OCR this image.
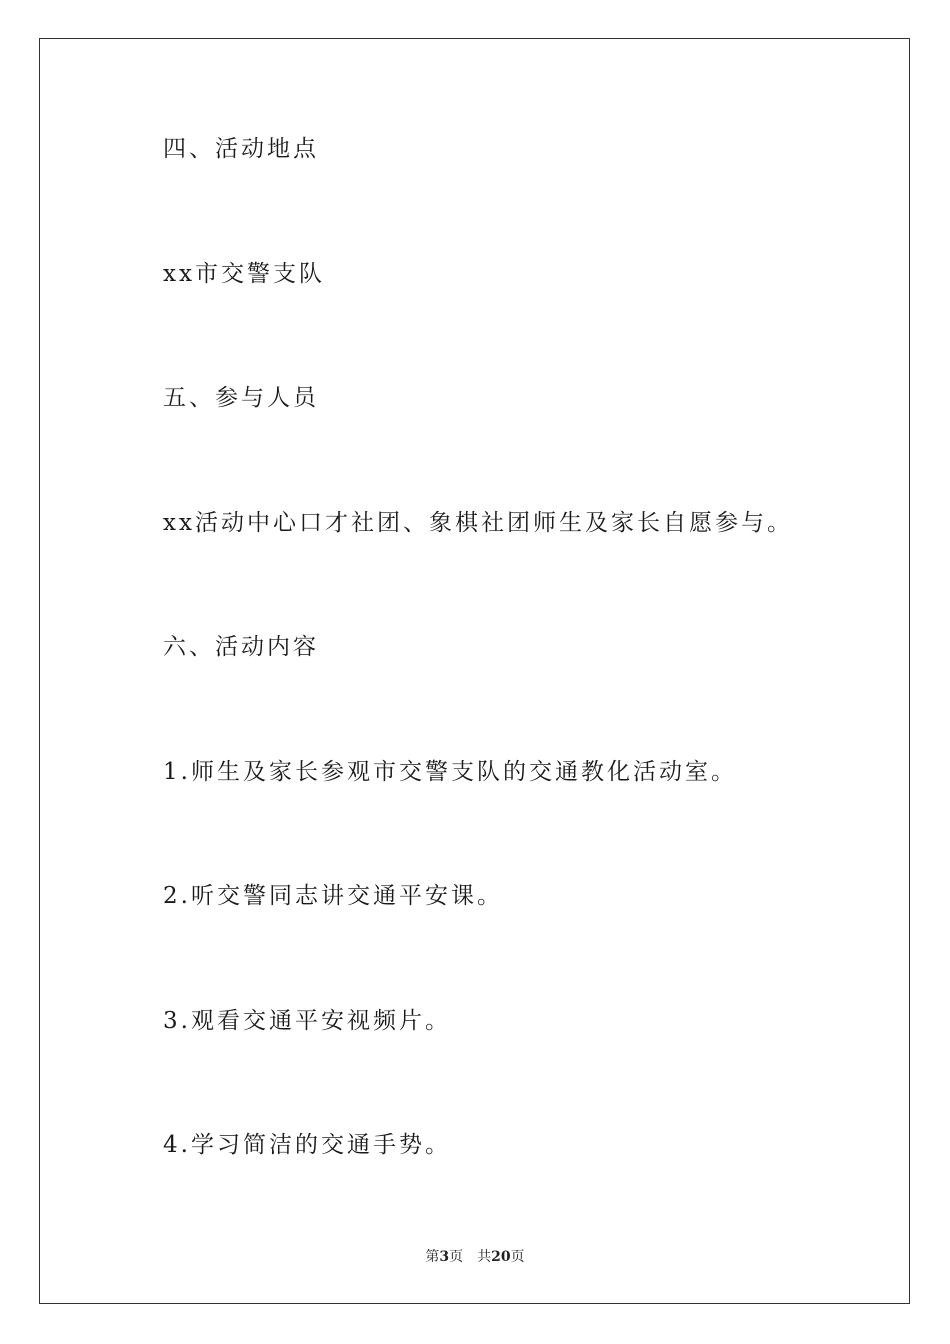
四、活动地点
xx市交警支队
五、参与人员
xx活动中心口才社团、象棋社团师生及家长自愿参与。
六、活动内容
1.师生及家长参观市交警支队的交通教化活动室。
2.听交警同志讲交通平安课。
3.观看交通平安视频片。
4.学习简洁的交通手势。
第3页 共20页
